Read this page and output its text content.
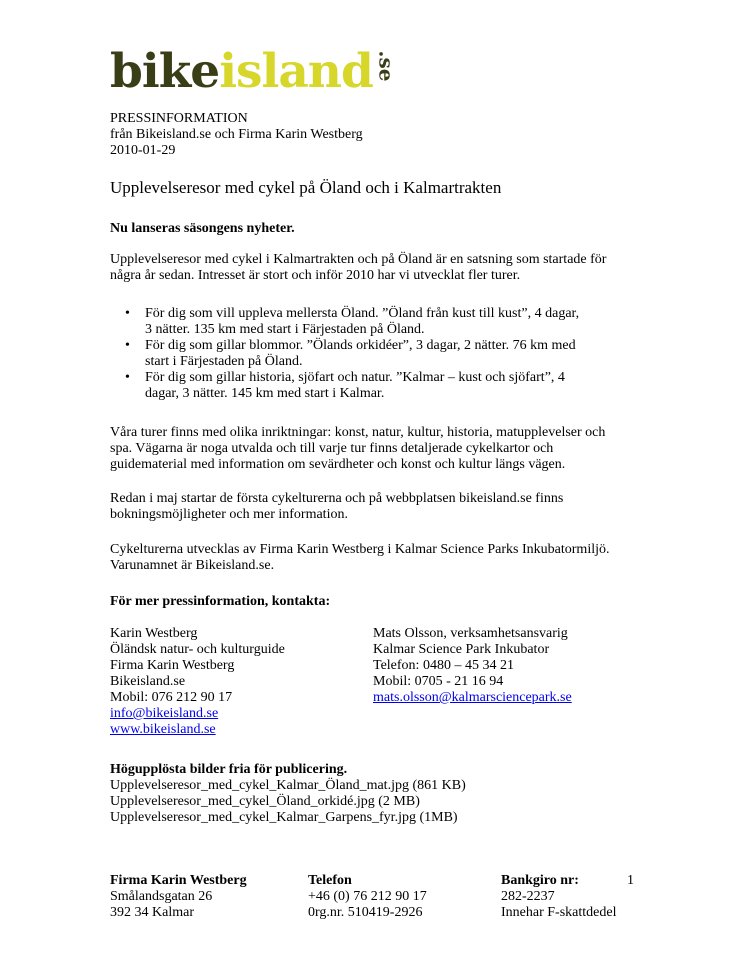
bikeisland.se
PRESSINFORMATION
från Bikeisland.se och Firma Karin Westberg
2010-01-29
Upplevelseresor med cykel på Öland och i Kalmartrakten
Nu lanseras säsongens nyheter.
Upplevelseresor med cykel i Kalmartrakten och på Öland är en satsning som startade för
några år sedan. Intresset är stort och inför 2010 har vi utvecklat fler turer.
• För dig som vill uppleva mellersta Öland. ”Öland från kust till kust”, 4 dagar,
3 nätter. 135 km med start i Färjestaden på Öland.
• För dig som gillar blommor. ”Ölands orkidéer”, 3 dagar, 2 nätter. 76 km med
start i Färjestaden på Öland.
• För dig som gillar historia, sjöfart och natur. ”Kalmar – kust och sjöfart”, 4
dagar, 3 nätter. 145 km med start i Kalmar.
Våra turer finns med olika inriktningar: konst, natur, kultur, historia, matupplevelser och
spa. Vägarna är noga utvalda och till varje tur finns detaljerade cykelkartor och
guidematerial med information om sevärdheter och konst och kultur längs vägen.
Redan i maj startar de första cykelturerna och på webbplatsen bikeisland.se finns
bokningsmöjligheter och mer information.
Cykelturerna utvecklas av Firma Karin Westberg i Kalmar Science Parks Inkubatormiljö.
Varunamnet är Bikeisland.se.
För mer pressinformation, kontakta:
Karin Westberg
Öländsk natur- och kulturguide
Firma Karin Westberg
Bikeisland.se
Mobil: 076 212 90 17
info@bikeisland.se
www.bikeisland.se
Mats Olsson, verksamhetsansvarig
Kalmar Science Park Inkubator
Telefon: 0480 – 45 34 21
Mobil: 0705 - 21 16 94
mats.olsson@kalmarsciencepark.se
Högupplösta bilder fria för publicering.
Upplevelseresor_med_cykel_Kalmar_Öland_mat.jpg (861 KB)
Upplevelseresor_med_cykel_Öland_orkidé.jpg (2 MB)
Upplevelseresor_med_cykel_Kalmar_Garpens_fyr.jpg (1MB)
Firma Karin Westberg
Smålandsgatan 26
392 34 Kalmar
Telefon
+46 (0) 76 212 90 17
0rg.nr. 510419-2926
Bankgiro nr:
282-2237
Innehar F-skattdedel
1
